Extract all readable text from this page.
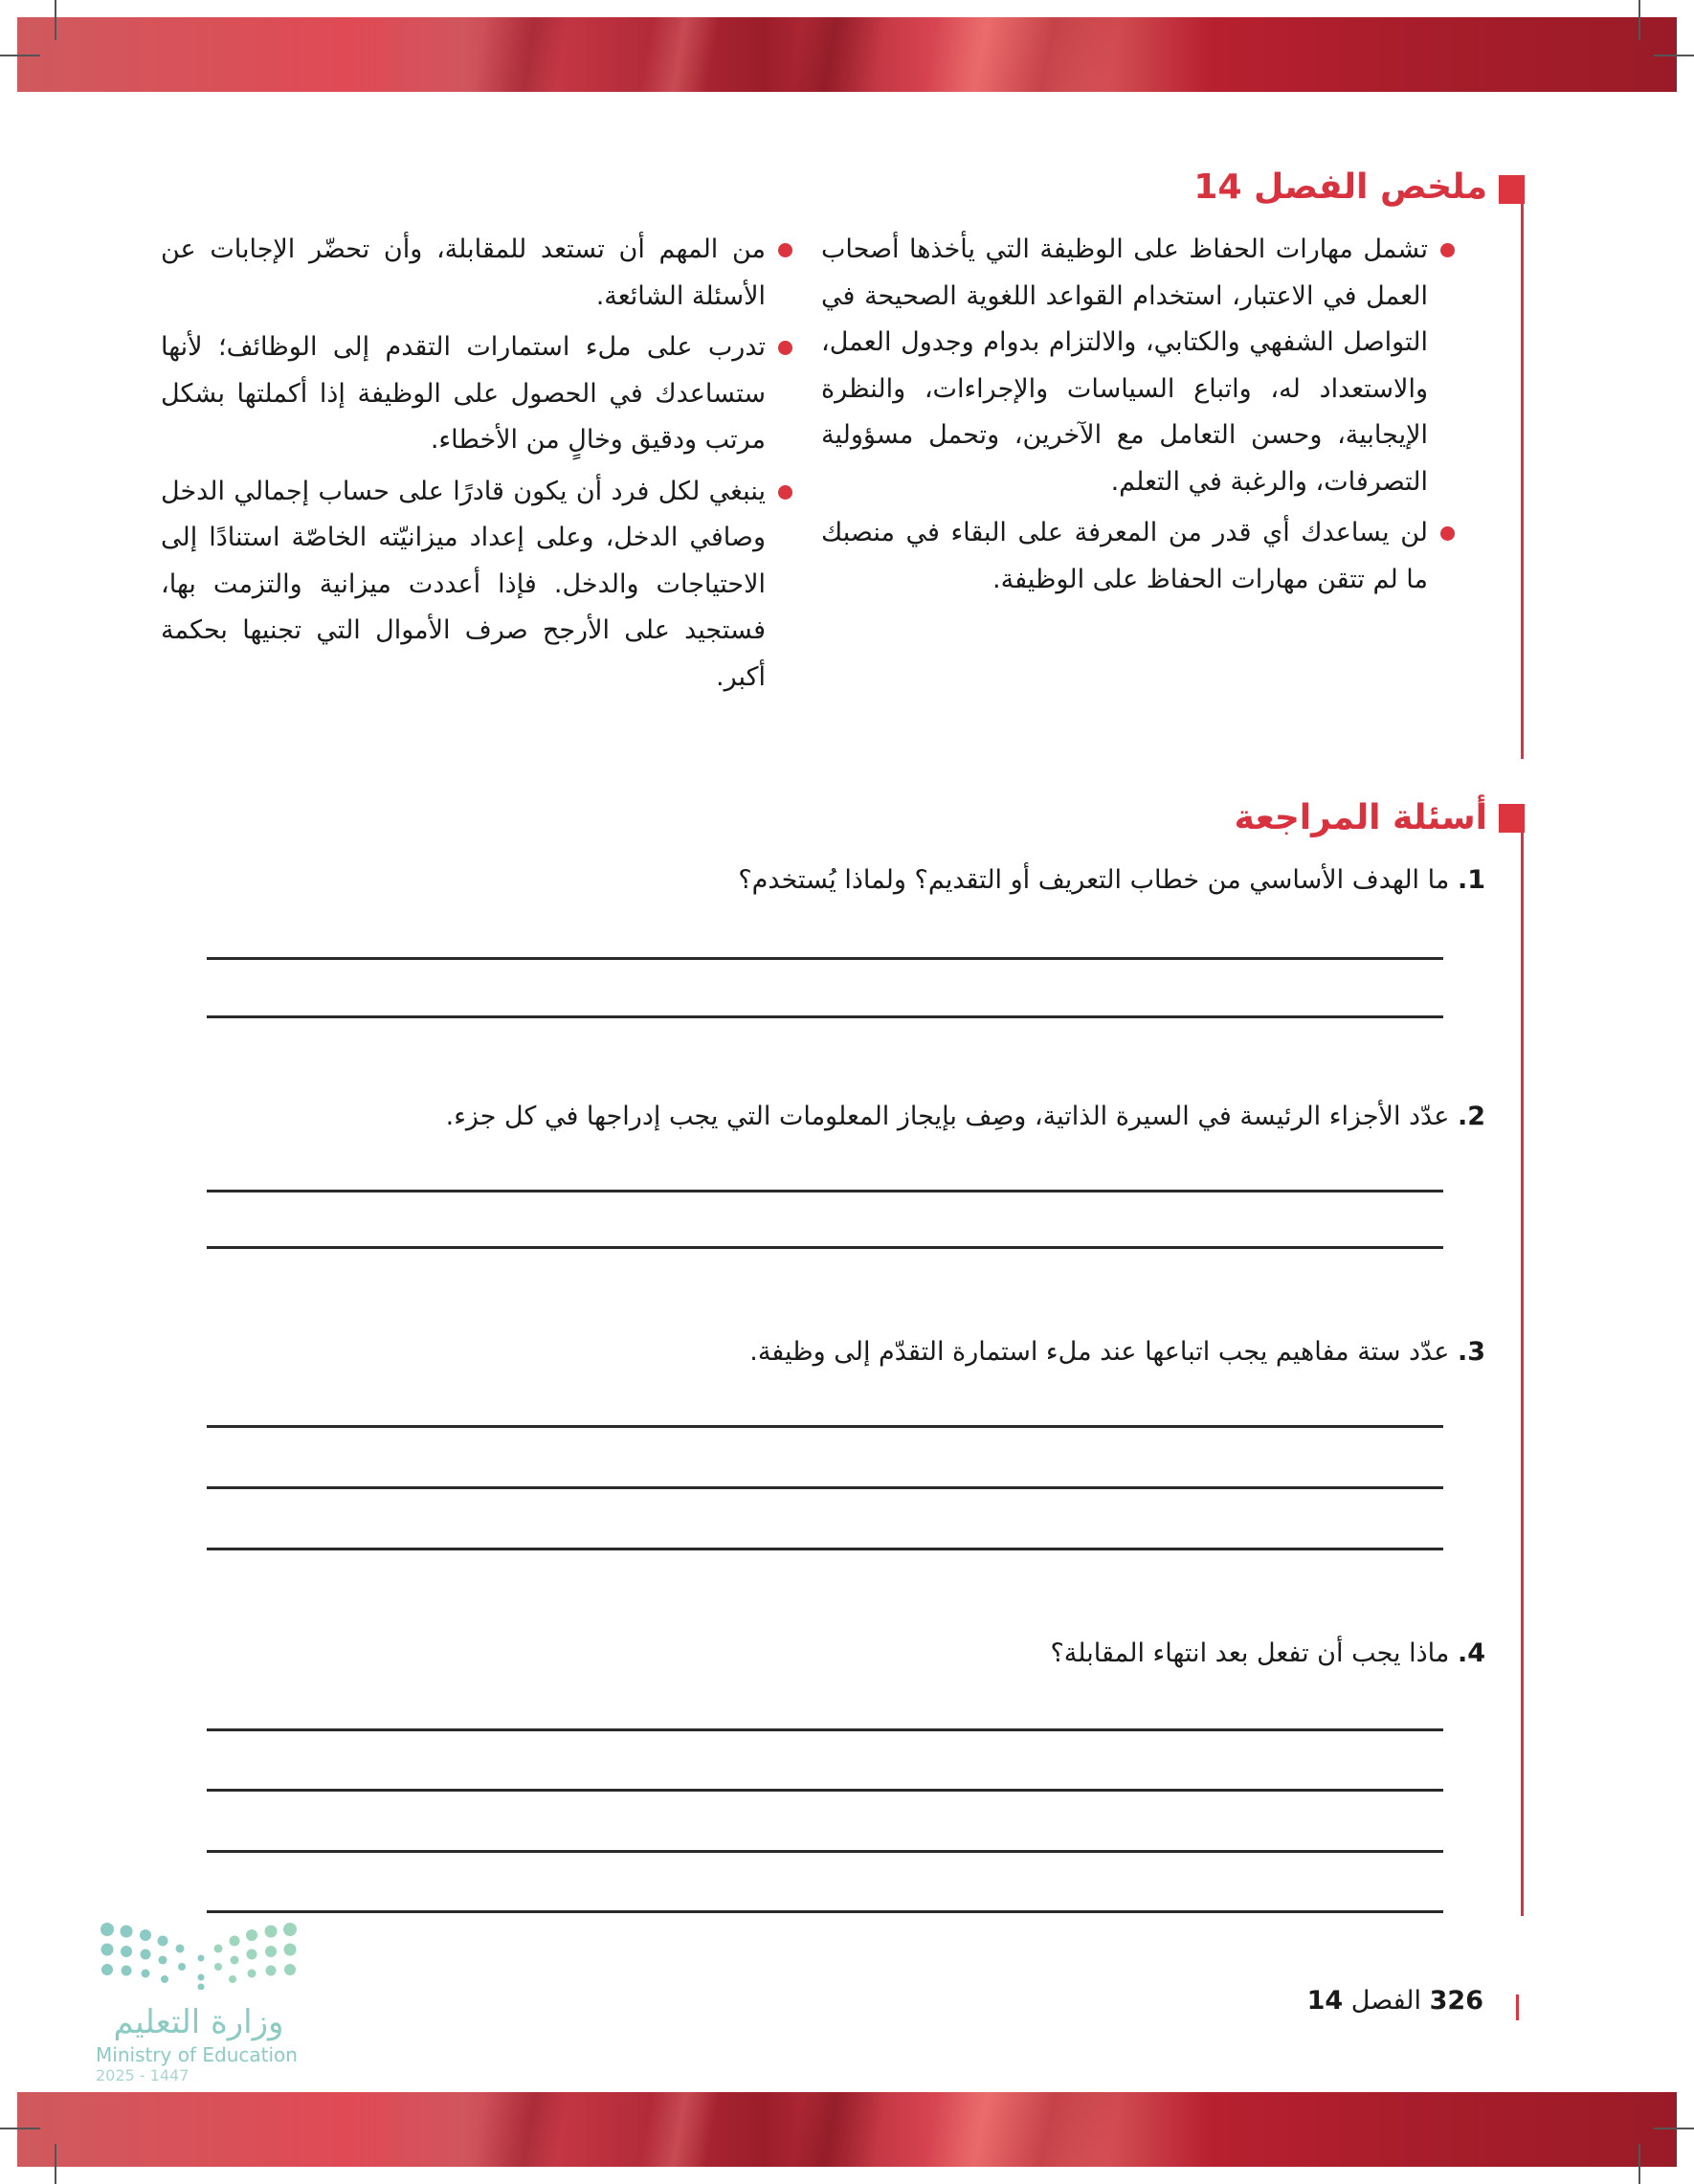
ملخص الفصل 14

تشمل مهارات الحفاظ على الوظيفة التي يأخذها أصحاب العمل في الاعتبار، استخدام القواعد اللغوية الصحيحة في التواصل الشفهي والكتابي، والالتزام بدوام وجدول العمل، والاستعداد له، واتباع السياسات والإجراءات، والنظرة الإيجابية، وحسن التعامل مع الآخرين، وتحمل مسؤولية التصرفات، والرغبة في التعلم.

لن يساعدك أي قدر من المعرفة على البقاء في منصبك ما لم تتقن مهارات الحفاظ على الوظيفة.

من المهم أن تستعد للمقابلة، وأن تحضّر الإجابات عن الأسئلة الشائعة.

تدرب على ملء استمارات التقدم إلى الوظائف؛ لأنها ستساعدك في الحصول على الوظيفة إذا أكملتها بشكل مرتب ودقيق وخالٍ من الأخطاء.

ينبغي لكل فرد أن يكون قادرًا على حساب إجمالي الدخل وصافي الدخل، وعلى إعداد ميزانيّته الخاصّة استنادًا إلى الاحتياجات والدخل. فإذا أعددت ميزانية والتزمت بها، فستجيد على الأرجح صرف الأموال التي تجنيها بحكمة أكبر.

أسئلة المراجعة
1. ما الهدف الأساسي من خطاب التعريف أو التقديم؟ ولماذا يُستخدم؟
2. عدّد الأجزاء الرئيسة في السيرة الذاتية، وصِف بإيجاز المعلومات التي يجب إدراجها في كل جزء.
3. عدّد ستة مفاهيم يجب اتباعها عند ملء استمارة التقدّم إلى وظيفة.
4. ماذا يجب أن تفعل بعد انتهاء المقابلة؟
326 الفصل 14
وزارة التعليم
Ministry of Education
2025 - 1447
